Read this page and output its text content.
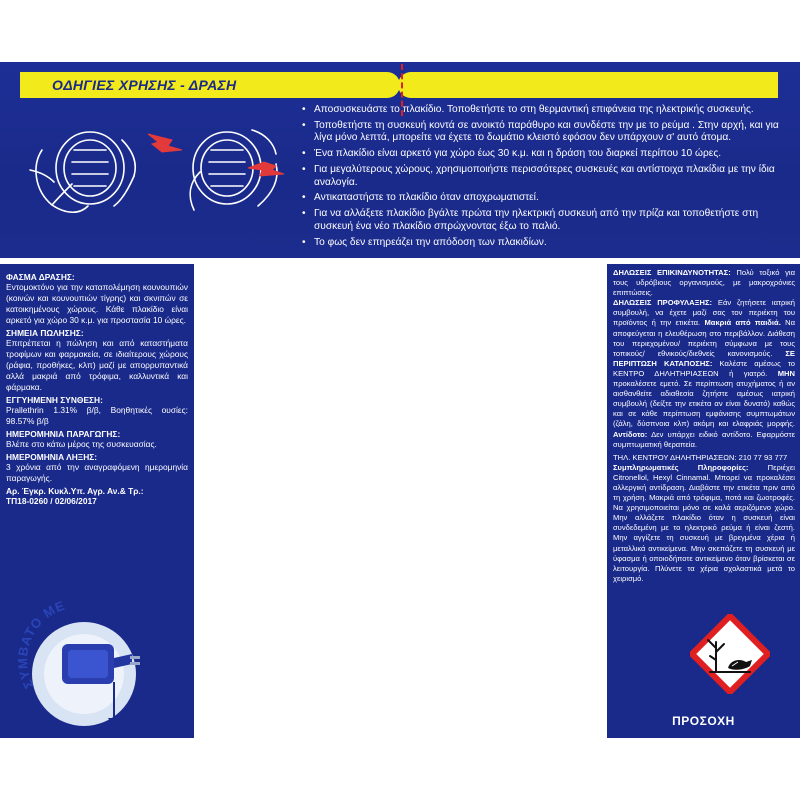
ΟΔΗΓΙΕΣ ΧΡΗΣΗΣ - ΔΡΑΣΗ
• Αποσυσκευάστε το πλακίδιο. Τοποθετήστε το στη θερμαντική επιφάνεια της ηλεκτρικής συσκευής.
• Τοποθετήστε τη συσκευή κοντά σε ανοικτό παράθυρο και συνδέστε την με το ρεύμα . Στην αρχή, και για λίγα μόνο λεπτά, μπορείτε να έχετε το δωμάτιο κλειστό εφόσον δεν υπάρχουν σ' αυτό άτομα.
• Ένα πλακίδιο είναι αρκετό για χώρο έως 30 κ.μ. και η δράση του διαρκεί περίπου 10 ώρες.
• Για μεγαλύτερους χώρους, χρησιμοποιήστε περισσότερες συσκευές και αντίστοιχα πλακίδια με την ίδια αναλογία.
• Αντικαταστήστε το πλακίδιο όταν αποχρωματιστεί.
• Για να αλλάξετε πλακίδιο βγάλτε πρώτα την ηλεκτρική συσκευή από την πρίζα και τοποθετήστε στη συσκευή ένα νέο πλακίδιο σπρώχνοντας έξω το παλιό.
• Το φως δεν επηρεάζει την απόδοση των πλακιδίων.
ΦΑΣΜΑ ΔΡΑΣΗΣ:
Εντομοκτόνο για την καταπολέμηση κουνουπιών (κοινών και κουνουπιών τίγρης) και σκνιπών σε κατοικημένους χώρους. Κάθε πλακίδιο είναι αρκετό για χώρο 30 κ.μ. για προστασία 10 ώρες.
ΣΗΜΕΙΑ ΠΩΛΗΣΗΣ:
Επιτρέπεται η πώληση και από καταστήματα τροφίμων και φαρμακεία, σε ιδιαίτερους χώρους (ράφια, προθήκες, κλπ) μαζί με απορρυπαντικά αλλά μακριά από τρόφιμα, καλλυντικά και φάρμακα.
ΕΓΓΥΗΜΕΝΗ ΣΥΝΘΕΣΗ:
Prallethrin 1.31% β/β, Βοηθητικές ουσίες: 98.57% β/β
ΗΜΕΡΟΜΗΝΙΑ ΠΑΡΑΓΩΓΗΣ:
Βλέπε στο κάτω μέρος της συσκευασίας.
ΗΜΕΡΟΜΗΝΙΑ ΛΗΞΗΣ:
3 χρόνια από την αναγραφόμενη ημερομηνία παραγωγής.
Αρ. Έγκρ. Κυκλ.Υπ. Αγρ. Αν.& Τρ.:
ΤΠ18-0260 / 02/06/2017
ΣΥΜΒΑΤΟ ΜΕ

ΔΗΛΩΣΕΙΣ ΕΠΙΚΙΝΔΥΝΟΤΗΤΑΣ: Πολύ τοξικό για τους υδρόβιους οργανισμούς, με μακροχρόνιες επιπτώσεις.

ΔΗΛΩΣΕΙΣ ΠΡΟΦΥΛΑΞΗΣ: Εάν ζητήσετε ιατρική συμβουλή, να έχετε μαζί σας τον περιέκτη του προϊόντος ή την ετικέτα. Μακριά από παιδιά. Να αποφεύγεται η ελευθέρωση στο περιβάλλον. Διάθεση του περιεχομένου/ περιέκτη σύμφωνα με τους τοπικούς/ εθνικούς/διεθνείς κανονισμούς. ΣΕ ΠΕΡΙΠΤΩΣΗ ΚΑΤΑΠΟΣΗΣ: Καλέστε αμέσως το ΚΕΝΤΡΟ ΔΗΛΗΤΗΡΙΑΣΕΩΝ ή γιατρό. ΜΗΝ προκαλέσετε εμετό. Σε περίπτωση ατυχήματος ή αν αισθανθείτε αδιαθεσία ζητήστε αμέσως ιατρική συμβουλή (δείξτε την ετικέτα αν είναι δυνατό) καθώς και σε κάθε περίπτωση εμφάνισης συμπτωμάτων (ζάλη, δύσπνοια κλπ) ακόμη και ελαφριάς μορφής. Αντίδοτο: Δεν υπάρχει ειδικό αντίδοτο. Εφαρμόστε συμπτωματική θεραπεία.

ΤΗΛ. ΚΕΝΤΡΟΥ ΔΗΛΗΤΗΡΙΑΣΕΩΝ: 210 77 93 777

Συμπληρωματικές Πληροφορίες: Περιέχει Citronellol, Hexyl Cinnamal. Μπορεί να προκαλέσει αλλεργική αντίδραση. Διαβάστε την ετικέτα πριν από τη χρήση. Μακριά από τρόφιμα, ποτά και ζωοτροφές. Να χρησιμοποιείται μόνο σε καλά αεριζόμενο χώρο. Μην αλλάζετε πλακίδιο όταν η συσκευή είναι συνδεδεμένη με το ηλεκτρικό ρεύμα ή είναι ζεστή. Μην αγγίζετε τη συσκευή με βρεγμένα χέρια ή μεταλλικά αντικείμενα. Μην σκεπάζετε τη συσκευή με ύφασμα ή οποιοδήποτε αντικείμενο όταν βρίσκεται σε λειτουργία. Πλύνετε τα χέρια σχολαστικά μετά το χειρισμό.

ΠΡΟΣΟΧΗ
